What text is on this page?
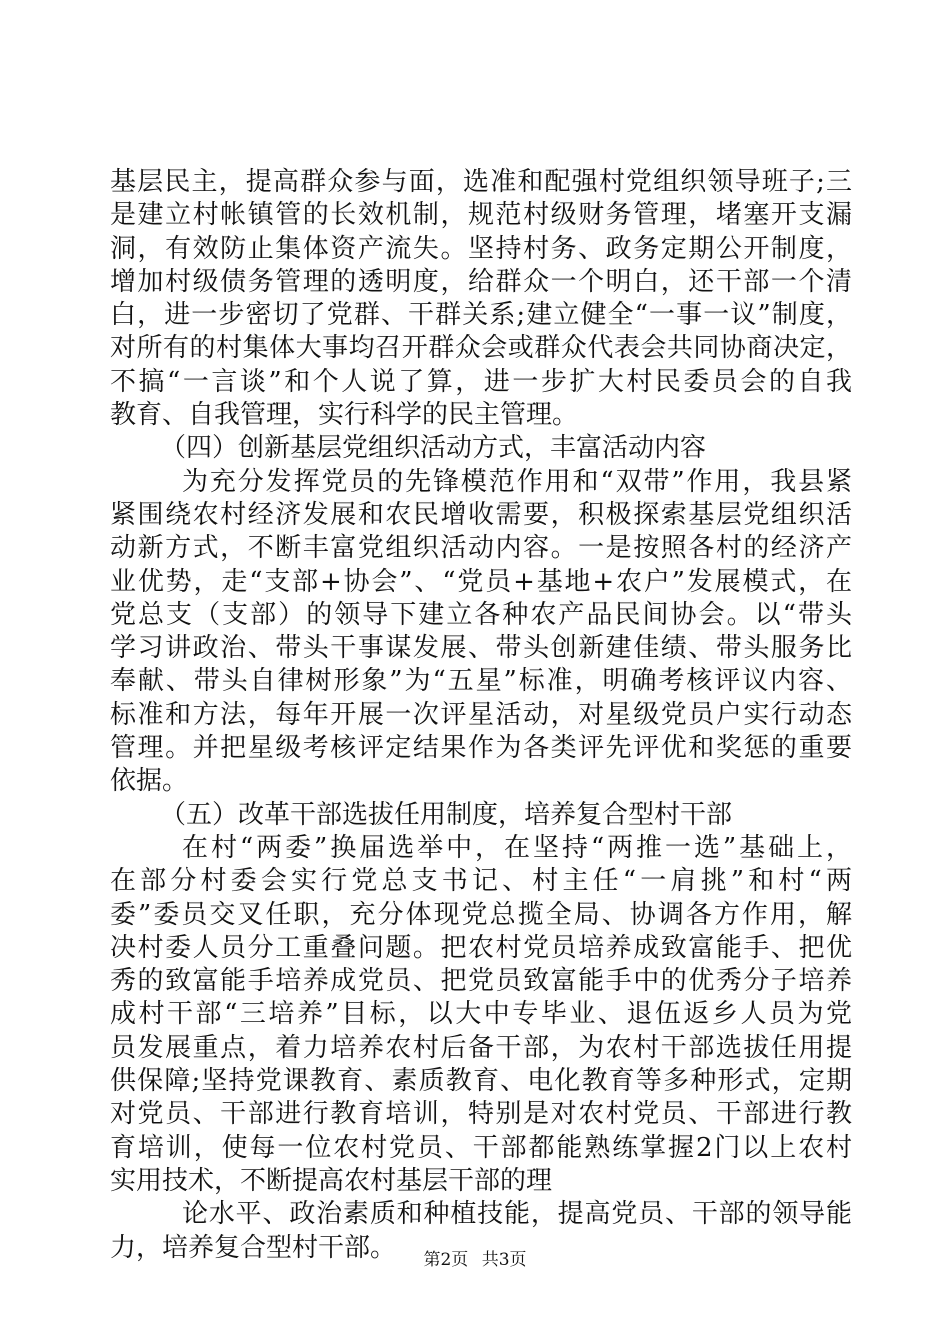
基层民主，提高群众参与面，选准和配强村党组织领导班子;三
是建立村帐镇管的长效机制，规范村级财务管理，堵塞开支漏
洞，有效防止集体资产流失。坚持村务、政务定期公开制度，
增加村级债务管理的透明度，给群众一个明白，还干部一个清
白，进一步密切了党群、干群关系;建立健全“一事一议”制度，
对所有的村集体大事均召开群众会或群众代表会共同协商决定，
不搞“一言谈”和个人说了算，进一步扩大村民委员会的自我
教育、自我管理，实行科学的民主管理。
（四）创新基层党组织活动方式，丰富活动内容
为充分发挥党员的先锋模范作用和“双带”作用，我县紧
紧围绕农村经济发展和农民增收需要，积极探索基层党组织活
动新方式，不断丰富党组织活动内容。一是按照各村的经济产
业优势，走“支部+协会”、“党员+基地+农户”发展模式，在
党总支（支部）的领导下建立各种农产品民间协会。以“带头
学习讲政治、带头干事谋发展、带头创新建佳绩、带头服务比
奉献、带头自律树形象”为“五星”标准，明确考核评议内容、
标准和方法，每年开展一次评星活动，对星级党员户实行动态
管理。并把星级考核评定结果作为各类评先评优和奖惩的重要
依据。
（五）改革干部选拔任用制度，培养复合型村干部
在村“两委”换届选举中，在坚持“两推一选”基础上，
在部分村委会实行党总支书记、村主任“一肩挑”和村“两
委”委员交叉任职，充分体现党总揽全局、协调各方作用，解
决村委人员分工重叠问题。把农村党员培养成致富能手、把优
秀的致富能手培养成党员、把党员致富能手中的优秀分子培养
成村干部“三培养”目标，以大中专毕业、退伍返乡人员为党
员发展重点，着力培养农村后备干部，为农村干部选拔任用提
供保障;坚持党课教育、素质教育、电化教育等多种形式，定期
对党员、干部进行教育培训，特别是对农村党员、干部进行教
育培训，使每一位农村党员、干部都能熟练掌握2门以上农村
实用技术，不断提高农村基层干部的理
论水平、政治素质和种植技能，提高党员、干部的领导能
力，培养复合型村干部。	第2页 共3页
